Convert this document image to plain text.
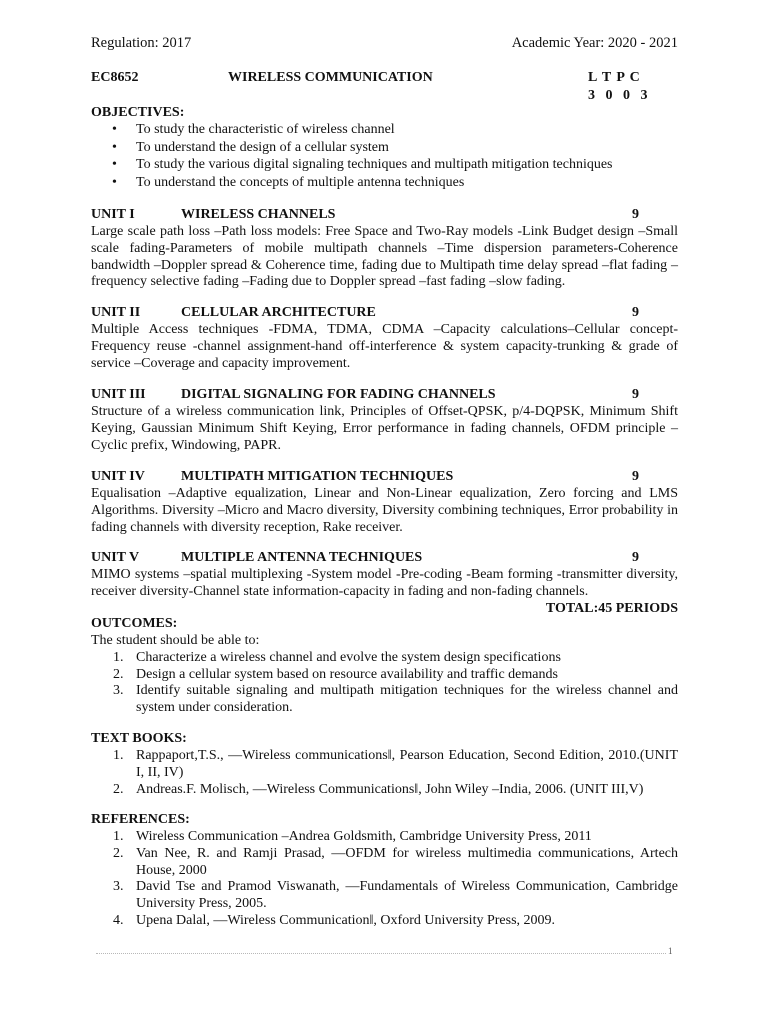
Regulation: 2017	Academic Year: 2020 - 2021
EC8652	WIRELESS COMMUNICATION	L T P C
3 0 0 3
OBJECTIVES:
• To study the characteristic of wireless channel
• To understand the design of a cellular system
• To study the various digital signaling techniques and multipath mitigation techniques
• To understand the concepts of multiple antenna techniques
UNIT I	WIRELESS CHANNELS	9
Large scale path loss –Path loss models: Free Space and Two-Ray models -Link Budget design –Small scale fading-Parameters of mobile multipath channels –Time dispersion parameters-Coherence bandwidth –Doppler spread & Coherence time, fading due to Multipath time delay spread –flat fading –frequency selective fading –Fading due to Doppler spread –fast fading –slow fading.
UNIT II	CELLULAR ARCHITECTURE	9
Multiple Access techniques -FDMA, TDMA, CDMA –Capacity calculations–Cellular concept-Frequency reuse -channel assignment-hand off-interference & system capacity-trunking & grade of service –Coverage and capacity improvement.
UNIT III	DIGITAL SIGNALING FOR FADING CHANNELS	9
Structure of a wireless communication link, Principles of Offset-QPSK, p/4-DQPSK, Minimum Shift Keying, Gaussian Minimum Shift Keying, Error performance in fading channels, OFDM principle –Cyclic prefix, Windowing, PAPR.
UNIT IV	MULTIPATH MITIGATION TECHNIQUES	9
Equalisation –Adaptive equalization, Linear and Non-Linear equalization, Zero forcing and LMS Algorithms. Diversity –Micro and Macro diversity, Diversity combining techniques, Error probability in fading channels with diversity reception, Rake receiver.
UNIT V	MULTIPLE ANTENNA TECHNIQUES	9
MIMO systems –spatial multiplexing -System model -Pre-coding -Beam forming -transmitter diversity, receiver diversity-Channel state information-capacity in fading and non-fading channels.
TOTAL:45 PERIODS
OUTCOMES:
The student should be able to:
1. Characterize a wireless channel and evolve the system design specifications
2. Design a cellular system based on resource availability and traffic demands
3. Identify suitable signaling and multipath mitigation techniques for the wireless channel and system under consideration.
TEXT BOOKS:
1. Rappaport,T.S., —Wireless communications‖, Pearson Education, Second Edition, 2010.(UNIT I, II, IV)
2. Andreas.F. Molisch, —Wireless Communications‖, John Wiley –India, 2006. (UNIT III,V)
REFERENCES:
1. Wireless Communication –Andrea Goldsmith, Cambridge University Press, 2011
2. Van Nee, R. and Ramji Prasad, —OFDM for wireless multimedia communications, Artech House, 2000
3. David Tse and Pramod Viswanath, —Fundamentals of Wireless Communication, Cambridge University Press, 2005.
4. Upena Dalal, —Wireless Communication‖, Oxford University Press, 2009.
1
